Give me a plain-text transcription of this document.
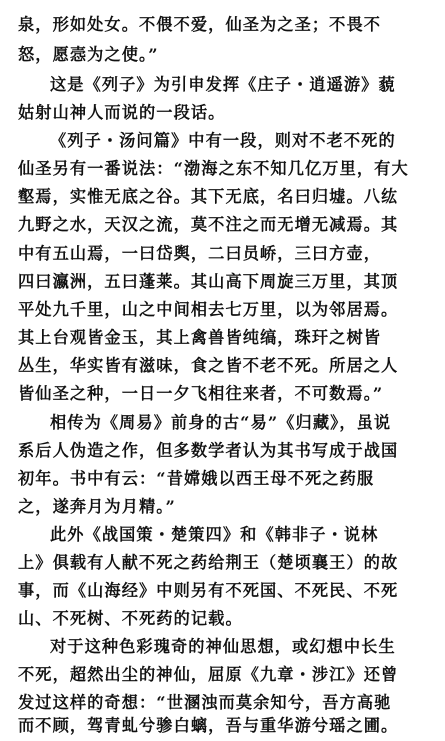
泉，形如处女。不偎不爱，仙圣为之圣；不畏不
怒，愿悫为之使。”
这是《列子》为引申发挥《庄子・逍遥游》藐
姑射山神人而说的一段话。
《列子・汤问篇》中有一段，则对不老不死的
仙圣另有一番说法：“渤海之东不知几亿万里，有大
壑焉，实惟无底之谷。其下无底，名曰归墟。八纮
九野之水，天汉之流，莫不注之而无增无减焉。其
中有五山焉，一曰岱舆，二曰员峤，三曰方壶，
四曰瀛洲，五曰蓬莱。其山高下周旋三万里，其顶
平处九千里，山之中间相去七万里，以为邻居焉。
其上台观皆金玉，其上禽兽皆纯缟，珠玕之树皆
丛生，华实皆有滋味，食之皆不老不死。所居之人
皆仙圣之种，一日一夕飞相往来者，不可数焉。”
相传为《周易》前身的古“易”《归藏》，虽说
系后人伪造之作，但多数学者认为其书写成于战国
初年。书中有云：“昔嫦娥以西王母不死之药服
之，遂奔月为月精。”
此外《战国策・楚策四》和《韩非子・说林
上》俱载有人献不死之药给荆王（楚顷襄王）的故
事，而《山海经》中则另有不死国、不死民、不死
山、不死树、不死药的记载。
对于这种色彩瑰奇的神仙思想，或幻想中长生
不死，超然出尘的神仙，屈原《九章・涉江》还曾
发过这样的奇想：“世溷浊而莫余知兮，吾方高驰
而不顾，驾青虬兮骖白螭，吾与重华游兮瑶之圃。
